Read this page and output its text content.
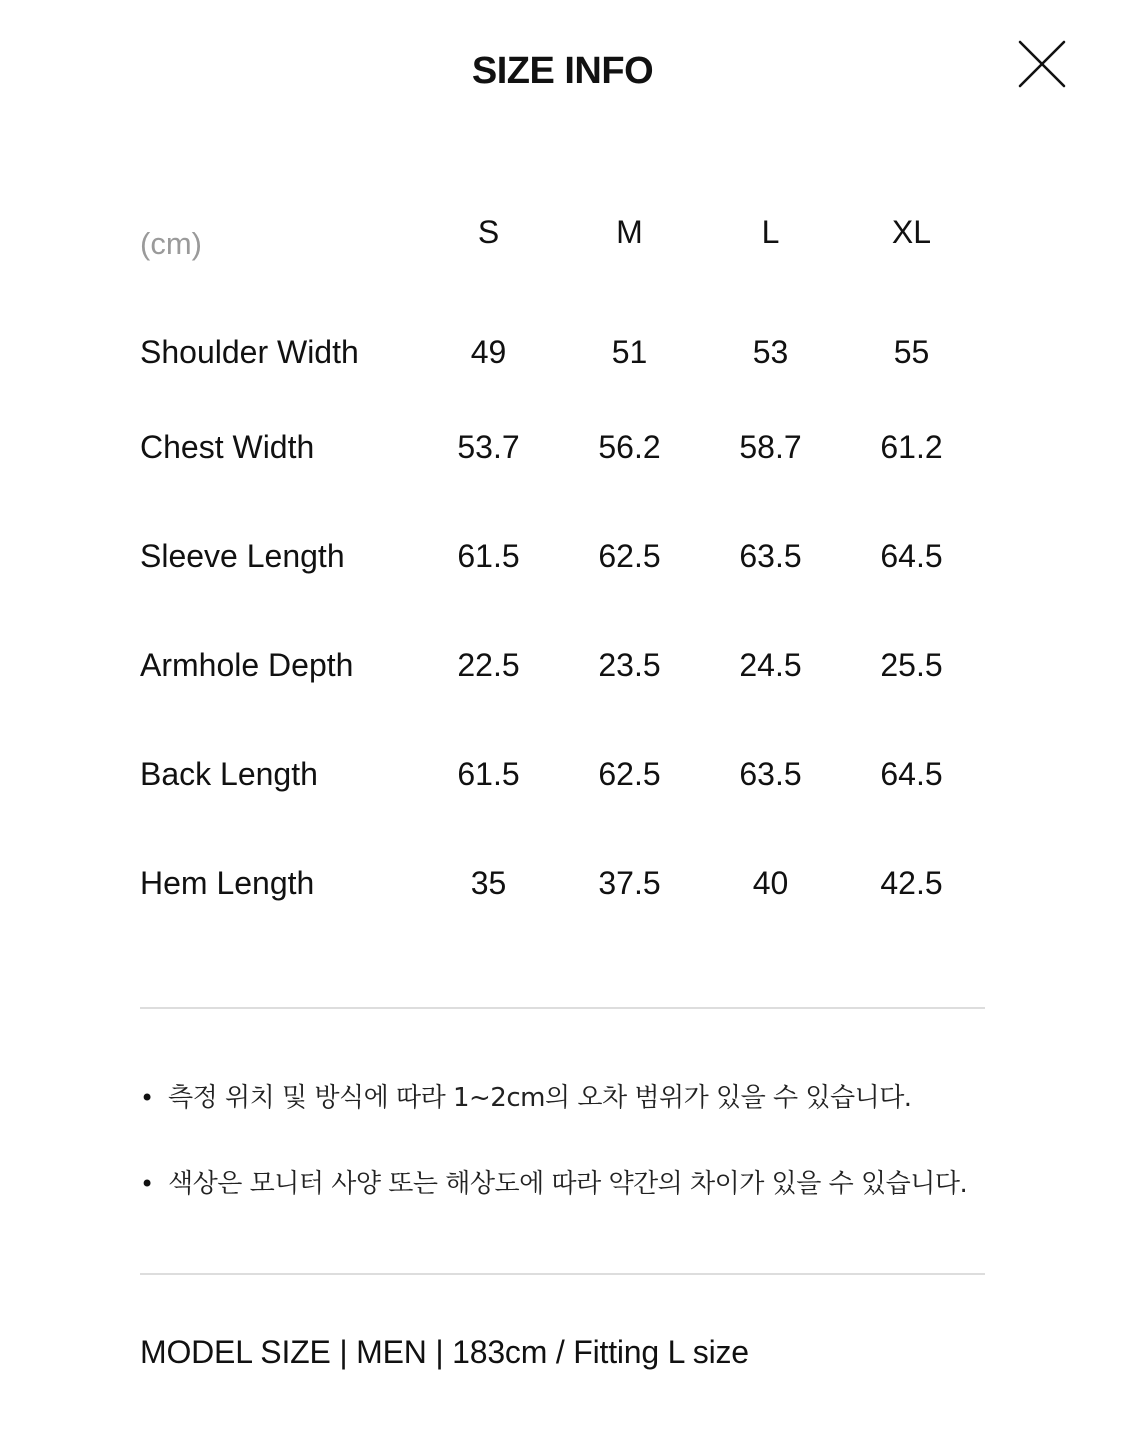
SIZE INFO
(cm)	S	M	L	XL
Shoulder Width	49	51	53	55
Chest Width	53.7	56.2	58.7	61.2
Sleeve Length	61.5	62.5	63.5	64.5
Armhole Depth	22.5	23.5	24.5	25.5
Back Length	61.5	62.5	63.5	64.5
Hem Length	35	37.5	40	42.5
• 측정 위치 및 방식에 따라 1~2cm의 오차 범위가 있을 수 있습니다.
• 색상은 모니터 사양 또는 해상도에 따라 약간의 차이가 있을 수 있습니다.
MODEL SIZE | MEN | 183cm / Fitting L size
